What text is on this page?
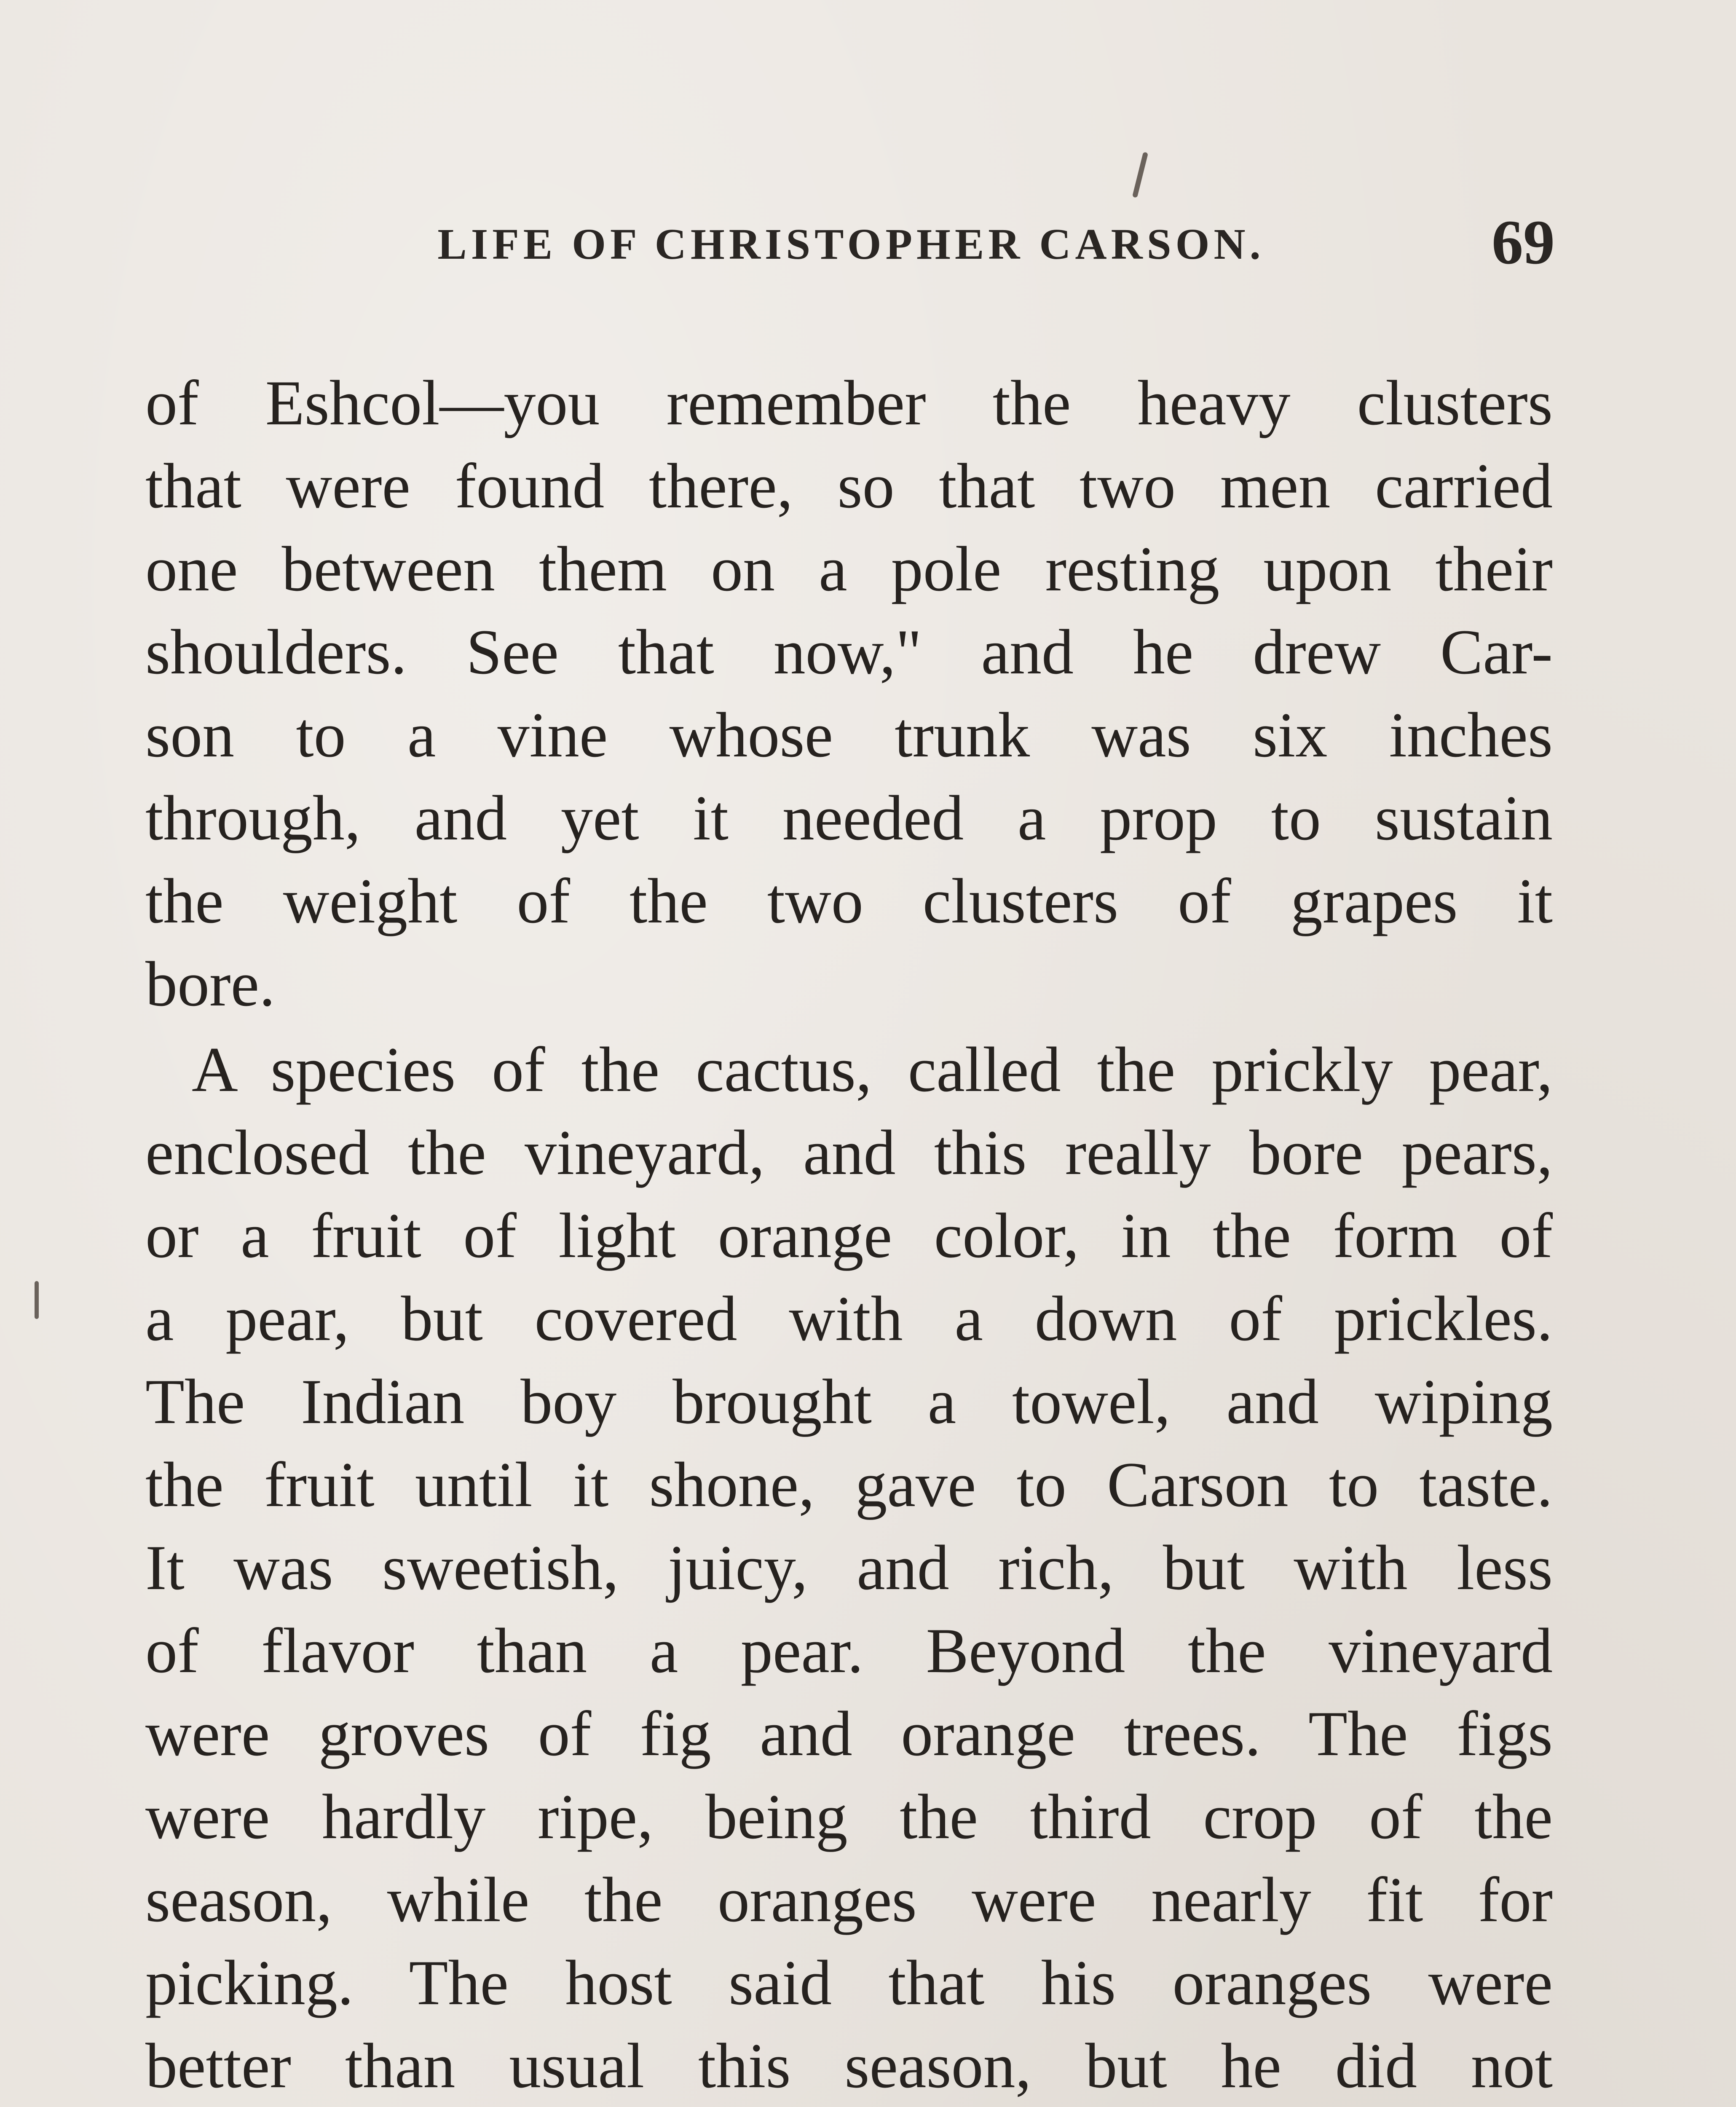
LIFE OF CHRISTOPHER CARSON.	69
of Eshcol—you remember the heavy clusters
that were found there, so that two men carried
one between them on a pole resting upon their
shoulders. See that now," and he drew Car-
son to a vine whose trunk was six inches
through, and yet it needed a prop to sustain
the weight of the two clusters of grapes it
bore.
A species of the cactus, called the prickly pear,
enclosed the vineyard, and this really bore pears,
or a fruit of light orange color, in the form of
a pear, but covered with a down of prickles.
The Indian boy brought a towel, and wiping
the fruit until it shone, gave to Carson to taste.
It was sweetish, juicy, and rich, but with less
of flavor than a pear. Beyond the vineyard
were groves of fig and orange trees. The figs
were hardly ripe, being the third crop of the
season, while the oranges were nearly fit for
picking. The host said that his oranges were
better than usual this season, but he did not
